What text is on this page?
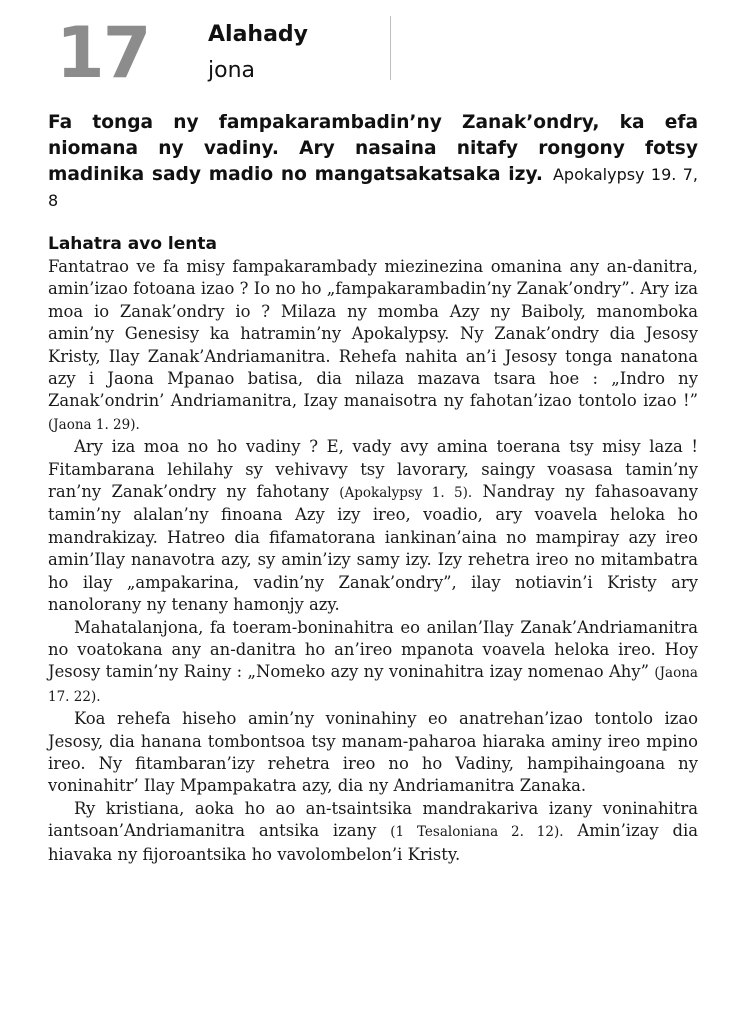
17	Alahady
jona
Fa tonga ny fampakarambadin’ny Zanak’ondry, ka efa niomana ny vadiny. Ary nasaina nitafy rongony fotsy madinika sady madio no mangatsakatsaka izy. Apokalypsy 19. 7, 8
Lahatra avo lenta

Fantatrao ve fa misy fampakarambady miezinezina omanina any an-danitra, amin’izao fotoana izao ? Io no ho „fampakarambadin’ny Zanak’ondry”. Ary iza moa io Zanak’ondry io ? Milaza ny momba Azy ny Baiboly, manomboka amin’ny Genesisy ka hatramin’ny Apokalypsy. Ny Zanak’ondry dia Jesosy Kristy, Ilay Zanak’Andriamanitra. Rehefa nahita an’i Jesosy tonga nanatona azy i Jaona Mpanao batisa, dia nilaza mazava tsara hoe : „Indro ny Zanak’ondrin’ Andriamanitra, Izay manaisotra ny fahotan’izao tontolo izao !” (Jaona 1. 29).

Ary iza moa no ho vadiny ? E, vady avy amina toerana tsy misy laza ! Fitambarana lehilahy sy vehivavy tsy lavorary, saingy voasasa tamin’ny ran’ny Zanak’ondry ny fahotany (Apokalypsy 1. 5). Nandray ny fahasoavany tamin’ny alalan’ny finoana Azy izy ireo, voadio, ary voavela heloka ho mandrakizay. Hatreo dia fifamatorana iankinan’aina no mampiray azy ireo amin’Ilay nanavotra azy, sy amin’izy samy izy. Izy rehetra ireo no mitambatra ho ilay „ampakarina, vadin’ny Zanak’ondry”, ilay notiavin’i Kristy ary nanolorany ny tenany hamonjy azy.

Mahatalanjona, fa toeram-boninahitra eo anilan’Ilay Zanak’Andriamanitra no voatokana any an-danitra ho an’ireo mpanota voavela heloka ireo. Hoy Jesosy tamin’ny Rainy : „Nomeko azy ny voninahitra izay nomenao Ahy” (Jaona 17. 22).

Koa rehefa hiseho amin’ny voninahiny eo anatrehan’izao tontolo izao Jesosy, dia hanana tombontsoa tsy manam-paharoa hiaraka aminy ireo mpino ireo. Ny fitambaran’izy rehetra ireo no ho Vadiny, hampihaingoana ny voninahitr’ Ilay Mpampakatra azy, dia ny Andriamanitra Zanaka.

Ry kristiana, aoka ho ao an-tsaintsika mandrakariva izany voninahitra iantsoan’Andriamanitra antsika izany (1 Tesaloniana 2. 12). Amin’izay dia hiavaka ny fijoroantsika ho vavolombelon’i Kristy.
